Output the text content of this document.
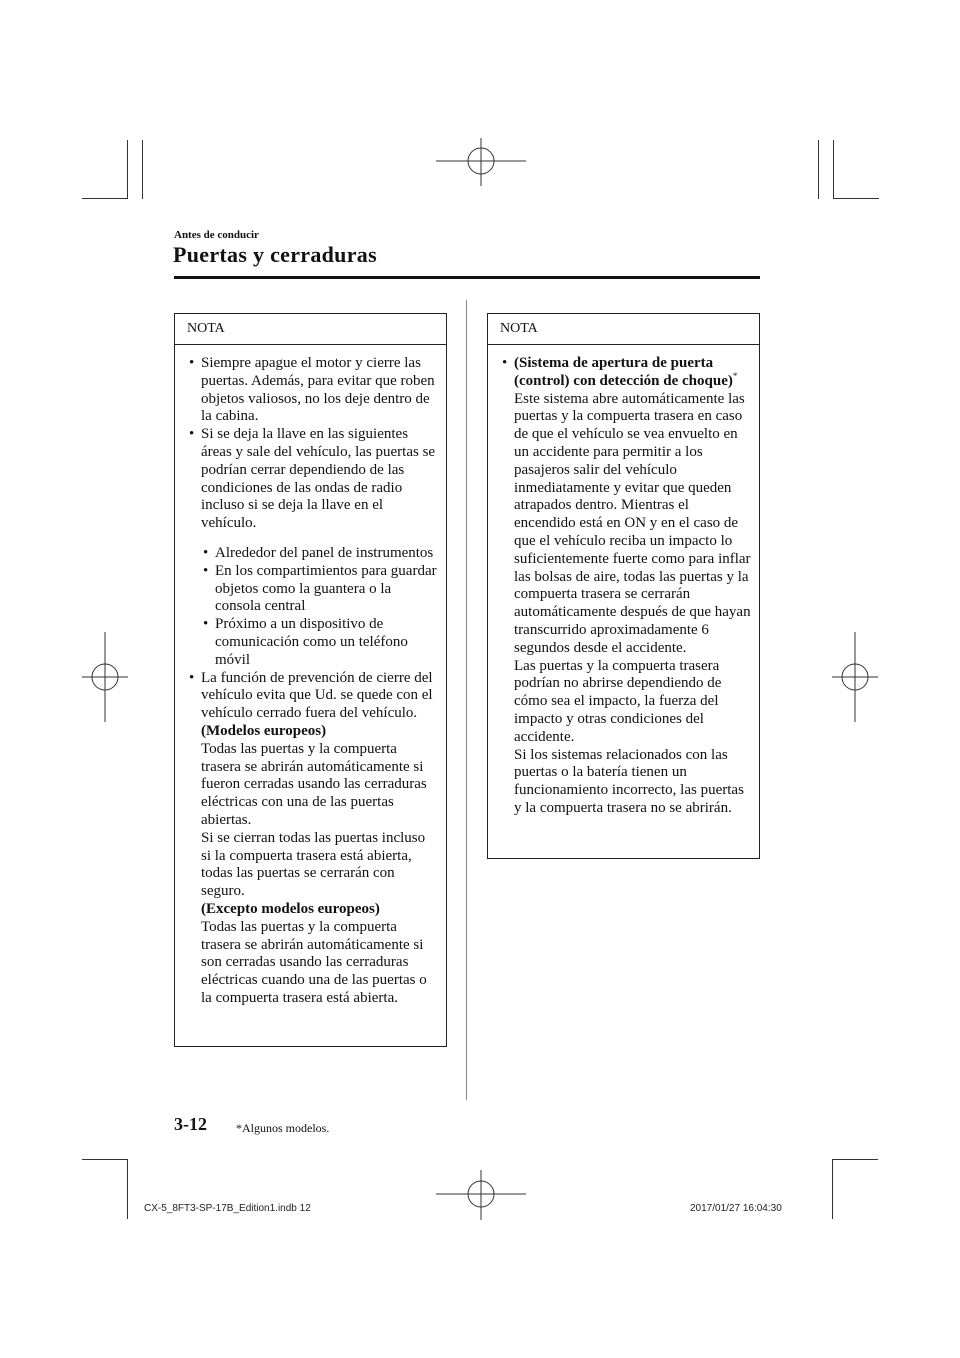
Antes de conducir
Puertas y cerraduras
NOTA

• Siempre apague el motor y cierre las puertas. Además, para evitar que roben objetos valiosos, no los deje dentro de la cabina.

• Si se deja la llave en las siguientes áreas y sale del vehículo, las puertas se podrían cerrar dependiendo de las condiciones de las ondas de radio incluso si se deja la llave en el vehículo.

• Alrededor del panel de instrumentos

• En los compartimientos para guardar objetos como la guantera o la consola central

• Próximo a un dispositivo de comunicación como un teléfono móvil

• La función de prevención de cierre del vehículo evita que Ud. se quede con el vehículo cerrado fuera del vehículo.
(Modelos europeos)
Todas las puertas y la compuerta trasera se abrirán automáticamente si fueron cerradas usando las cerraduras eléctricas con una de las puertas abiertas.
Si se cierran todas las puertas incluso si la compuerta trasera está abierta, todas las puertas se cerrarán con seguro.
(Excepto modelos europeos)
Todas las puertas y la compuerta trasera se abrirán automáticamente si son cerradas usando las cerraduras eléctricas cuando una de las puertas o la compuerta trasera está abierta.
NOTA
• (Sistema de apertura de puerta (control) con detección de choque)*
Este sistema abre automáticamente las puertas y la compuerta trasera en caso de que el vehículo se vea envuelto en un accidente para permitir a los pasajeros salir del vehículo inmediatamente y evitar que queden atrapados dentro. Mientras el encendido está en ON y en el caso de que el vehículo reciba un impacto lo suficientemente fuerte como para inflar las bolsas de aire, todas las puertas y la compuerta trasera se cerrarán automáticamente después de que hayan transcurrido aproximadamente 6 segundos desde el accidente.
Las puertas y la compuerta trasera podrían no abrirse dependiendo de cómo sea el impacto, la fuerza del impacto y otras condiciones del accidente.
Si los sistemas relacionados con las puertas o la batería tienen un funcionamiento incorrecto, las puertas y la compuerta trasera no se abrirán.
3-12 *Algunos modelos.
CX-5_8FT3-SP-17B_Edition1.indb 12	2017/01/27 16:04:30
